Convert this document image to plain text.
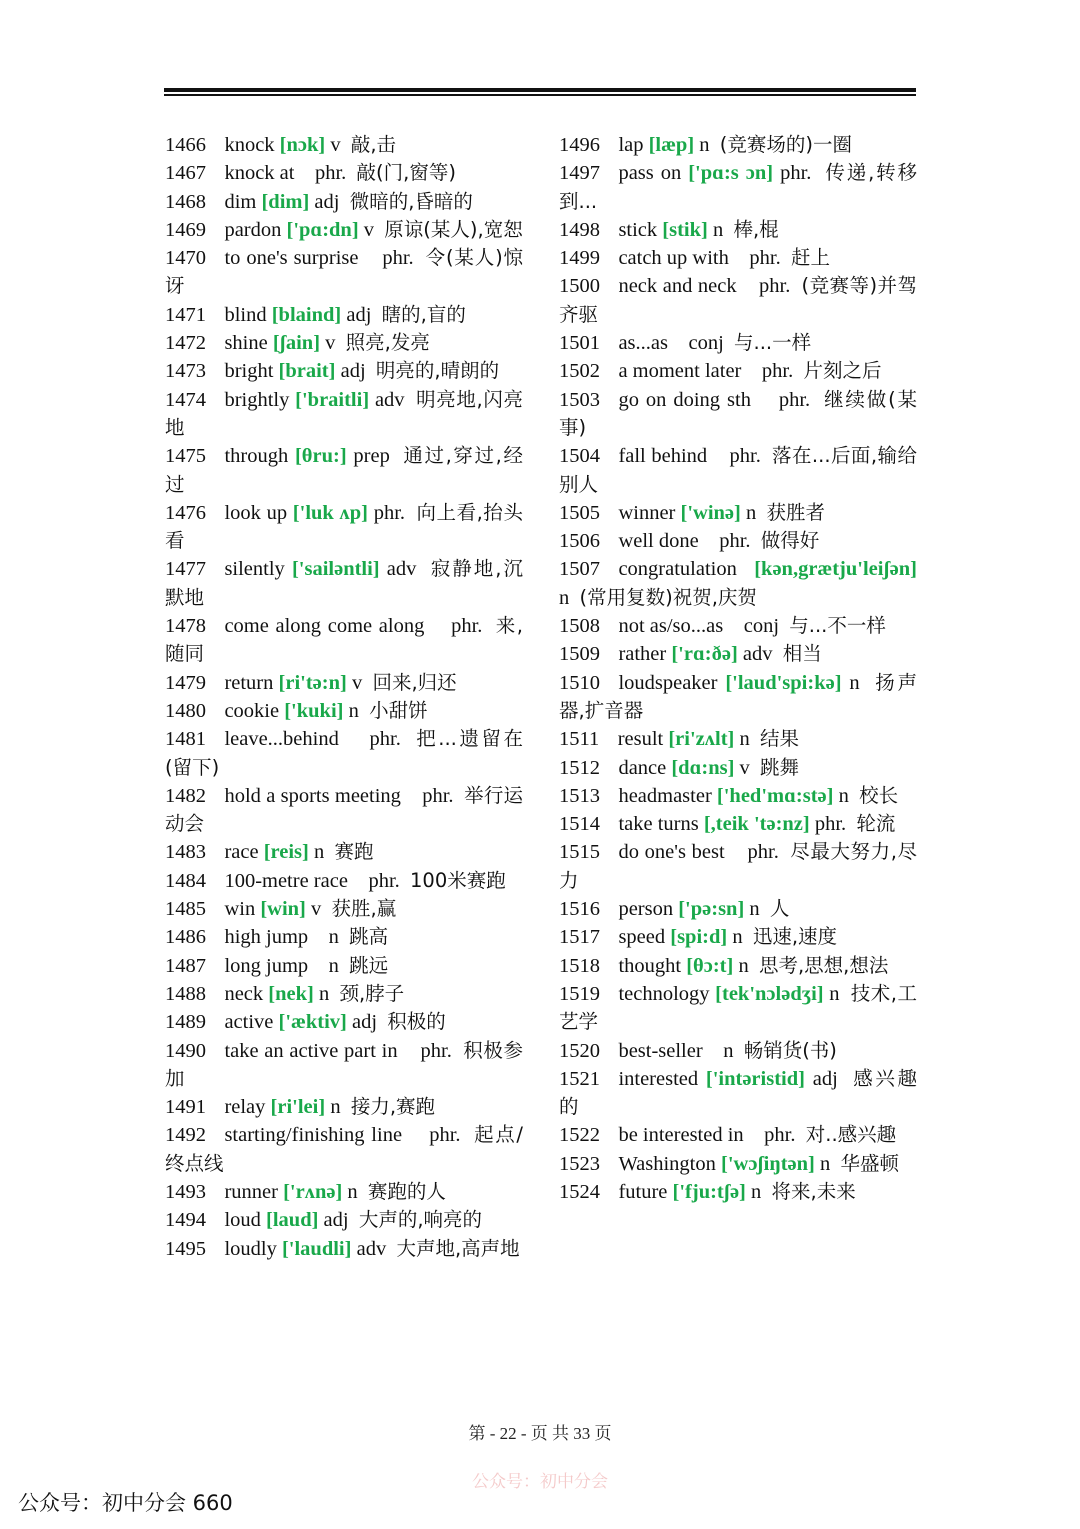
1466 knock [nɔk] v 敲,击

1467 knock at phr. 敲(门,窗等)

1468 dim [dim] adj 微暗的,昏暗的

1469 pardon ['pɑ:dn] v 原谅(某人),宽恕

1470 to one's surprise phr. 令(某人)惊讶

1471 blind [blaind] adj 瞎的,盲的

1472 shine [ʃain] v 照亮,发亮

1473 bright [brait] adj 明亮的,晴朗的

1474 brightly ['braitli] adv 明亮地,闪亮地

1475 through [θru:] prep 通过,穿过,经过

1476 look up ['luk ʌp] phr. 向上看,抬头看

1477 silently ['sailəntli] adv 寂静地,沉默地

1478 come along come along phr. 来,随同

1479 return [ri'tə:n] v 回来,归还

1480 cookie ['kuki] n 小甜饼

1481 leave...behind phr. 把...遗留在(留下)

1482 hold a sports meeting phr. 举行运动会

1483 race [reis] n 赛跑

1484 100-metre race phr. 100米赛跑

1485 win [win] v 获胜,赢

1486 high jump n 跳高

1487 long jump n 跳远

1488 neck [nek] n 颈,脖子

1489 active ['æktiv] adj 积极的

1490 take an active part in phr. 积极参加

1491 relay [ri'lei] n 接力,赛跑

1492 starting/finishing line phr. 起点/终点线

1493 runner ['rʌnə] n 赛跑的人

1494 loud [laud] adj 大声的,响亮的

1495 loudly ['laudli] adv 大声地,高声地

1496 lap [læp] n (竞赛场的)一圈

1497 pass on ['pɑ:s ɔn] phr. 传递,转移到...

1498 stick [stik] n 棒,棍

1499 catch up with phr. 赶上

1500 neck and neck phr. (竞赛等)并驾齐驱

1501 as...as conj 与...一样

1502 a moment later phr. 片刻之后

1503 go on doing sth phr. 继续做(某事)

1504 fall behind phr. 落在...后面,输给别人

1505 winner ['winə] n 获胜者

1506 well done phr. 做得好

1507 congratulation [kən,grætju'leiʃən] n (常用复数)祝贺,庆贺

1508 not as/so...as conj 与...不一样

1509 rather ['rɑ:ðə] adv 相当

1510 loudspeaker ['laud'spi:kə] n 扬声器,扩音器

1511 result [ri'zʌlt] n 结果

1512 dance [dɑ:ns] v 跳舞

1513 headmaster ['hed'mɑ:stə] n 校长

1514 take turns [,teik 'tə:nz] phr. 轮流

1515 do one's best phr. 尽最大努力,尽力

1516 person ['pə:sn] n 人

1517 speed [spi:d] n 迅速,速度

1518 thought [θɔ:t] n 思考,思想,想法

1519 technology [tek'nɔlədʒi] n 技术,工艺学

1520 best-seller n 畅销货(书)

1521 interested ['intəristid] adj 感兴趣的

1522 be interested in phr. 对..感兴趣

1523 Washington ['wɔʃiŋtən] n 华盛顿

1524 future ['fju:tʃə] n 将来,未来

第 - 22 - 页 共 33 页
公众号：初中分会
公众号：初中分会 660
